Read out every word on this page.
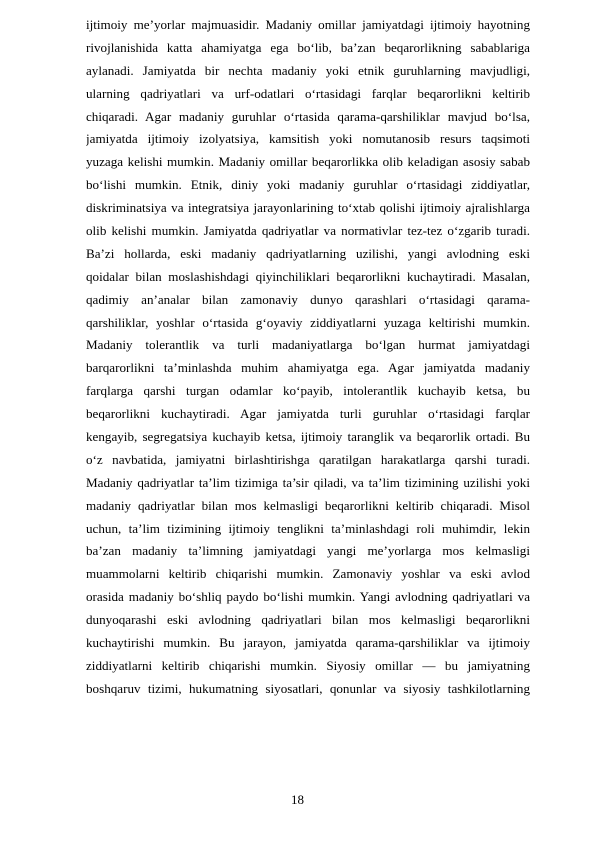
ijtimoiy me’yorlar majmuasidir. Madaniy omillar jamiyatdagi ijtimoiy hayotning
rivojlanishida katta ahamiyatga ega bo‘lib, ba’zan beqarorlikning sabablariga
aylanadi. Jamiyatda bir nechta madaniy yoki etnik guruhlarning mavjudligi,
ularning qadriyatlari va urf-odatlari o‘rtasidagi farqlar beqarorlikni keltirib
chiqaradi. Agar madaniy guruhlar o‘rtasida qarama-qarshiliklar mavjud bo‘lsa,
jamiyatda ijtimoiy izolyatsiya, kamsitish yoki nomutanosib resurs taqsimoti
yuzaga kelishi mumkin. Madaniy omillar beqarorlikka olib keladigan asosiy sabab
bo‘lishi mumkin. Etnik, diniy yoki madaniy guruhlar o‘rtasidagi ziddiyatlar,
diskriminatsiya va integratsiya jarayonlarining to‘xtab qolishi ijtimoiy ajralishlarga
olib kelishi mumkin. Jamiyatda qadriyatlar va normativlar tez-tez o‘zgarib turadi.
Ba’zi hollarda, eski madaniy qadriyatlarning uzilishi, yangi avlodning eski
qoidalar bilan moslashishdagi qiyinchiliklari beqarorlikni kuchaytiradi. Masalan,
qadimiy an’analar bilan zamonaviy dunyo qarashlari o‘rtasidagi qarama-
qarshiliklar, yoshlar o‘rtasida g‘oyaviy ziddiyatlarni yuzaga keltirishi mumkin.
Madaniy tolerantlik va turli madaniyatlarga bo‘lgan hurmat jamiyatdagi
barqarorlikni ta’minlashda muhim ahamiyatga ega. Agar jamiyatda madaniy
farqlarga qarshi turgan odamlar ko‘payib, intolerantlik kuchayib ketsa, bu
beqarorlikni kuchaytiradi. Agar jamiyatda turli guruhlar o‘rtasidagi farqlar
kengayib, segregatsiya kuchayib ketsa, ijtimoiy taranglik va beqarorlik ortadi. Bu
o‘z navbatida, jamiyatni birlashtirishga qaratilgan harakatlarga qarshi turadi.
Madaniy qadriyatlar ta’lim tizimiga ta’sir qiladi, va ta’lim tizimining uzilishi yoki
madaniy qadriyatlar bilan mos kelmasligi beqarorlikni keltirib chiqaradi. Misol
uchun, ta’lim tizimining ijtimoiy tenglikni ta’minlashdagi roli muhimdir, lekin
ba’zan madaniy ta’limning jamiyatdagi yangi me’yorlarga mos kelmasligi
muammolarni keltirib chiqarishi mumkin. Zamonaviy yoshlar va eski avlod
orasida madaniy bo‘shliq paydo bo‘lishi mumkin. Yangi avlodning qadriyatlari va
dunyoqarashi eski avlodning qadriyatlari bilan mos kelmasligi beqarorlikni
kuchaytirishi mumkin. Bu jarayon, jamiyatda qarama-qarshiliklar va ijtimoiy
ziddiyatlarni keltirib chiqarishi mumkin. Siyosiy omillar — bu jamiyatning
boshqaruv tizimi, hukumatning siyosatlari, qonunlar va siyosiy tashkilotlarning
18
